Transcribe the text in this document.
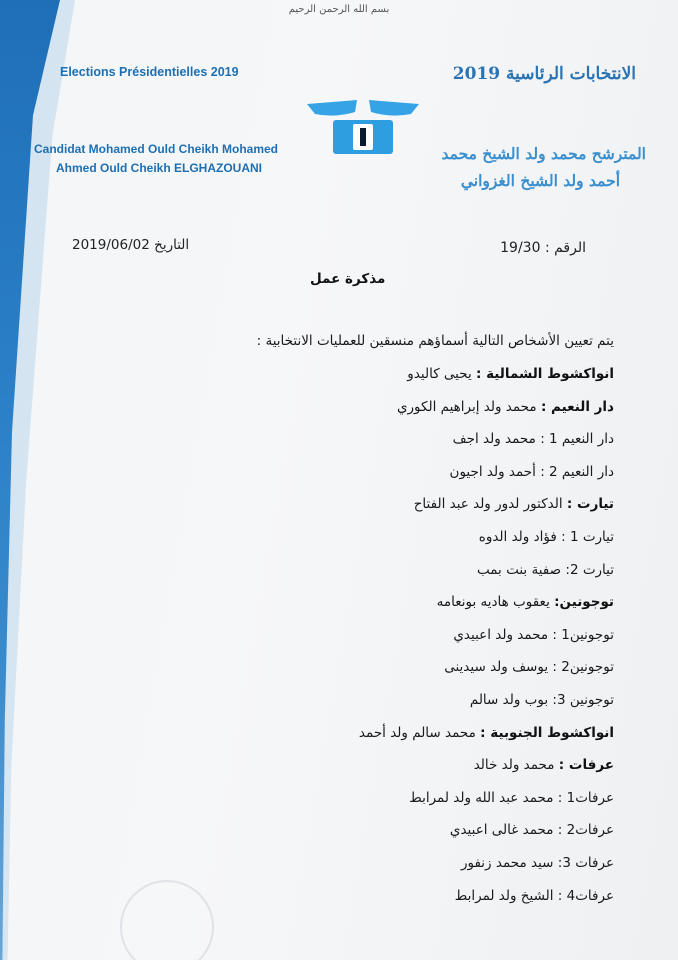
بسم الله الرحمن الرحيم
Elections Présidentielles 2019
Candidat Mohamed Ould Cheikh Mohamed
Ahmed Ould Cheikh ELGHAZOUANI
الانتخابات الرئاسية 2019
المترشح محمد ولد الشيخ محمد
أحمد ولد الشيخ الغزواني
التاريخ 2019/06/02	الرقم : 19/30
مذكرة عمل
يتم تعيين الأشخاص التالية أسماؤهم منسقين للعمليات الانتخابية :
انواكشوط الشمالية : يحيى كاليدو
دار النعيم : محمد ولد إبراهيم الكوري
دار النعيم 1 : محمد ولد اجف
دار النعيم 2 : أحمد ولد اجيون
تيارت : الدكتور لدور ولد عبد الفتاح
تيارت 1 : فؤاد ولد الدوه
تيارت 2: صفية بنت بمب
توجونين: يعقوب هاديه بونعامه
توجونين1 : محمد ولد اعبيدي
توجونين2 : يوسف ولد سيدينى
توجونين 3: بوب ولد سالم
انواكشوط الجنوبية : محمد سالم ولد أحمد
عرفات : محمد ولد خالد
عرفات1 : محمد عبد الله ولد لمرابط
عرفات2 : محمد غالى اعبيدي
عرفات 3: سيد محمد زنفور
عرفات4 : الشيخ ولد لمرابط
